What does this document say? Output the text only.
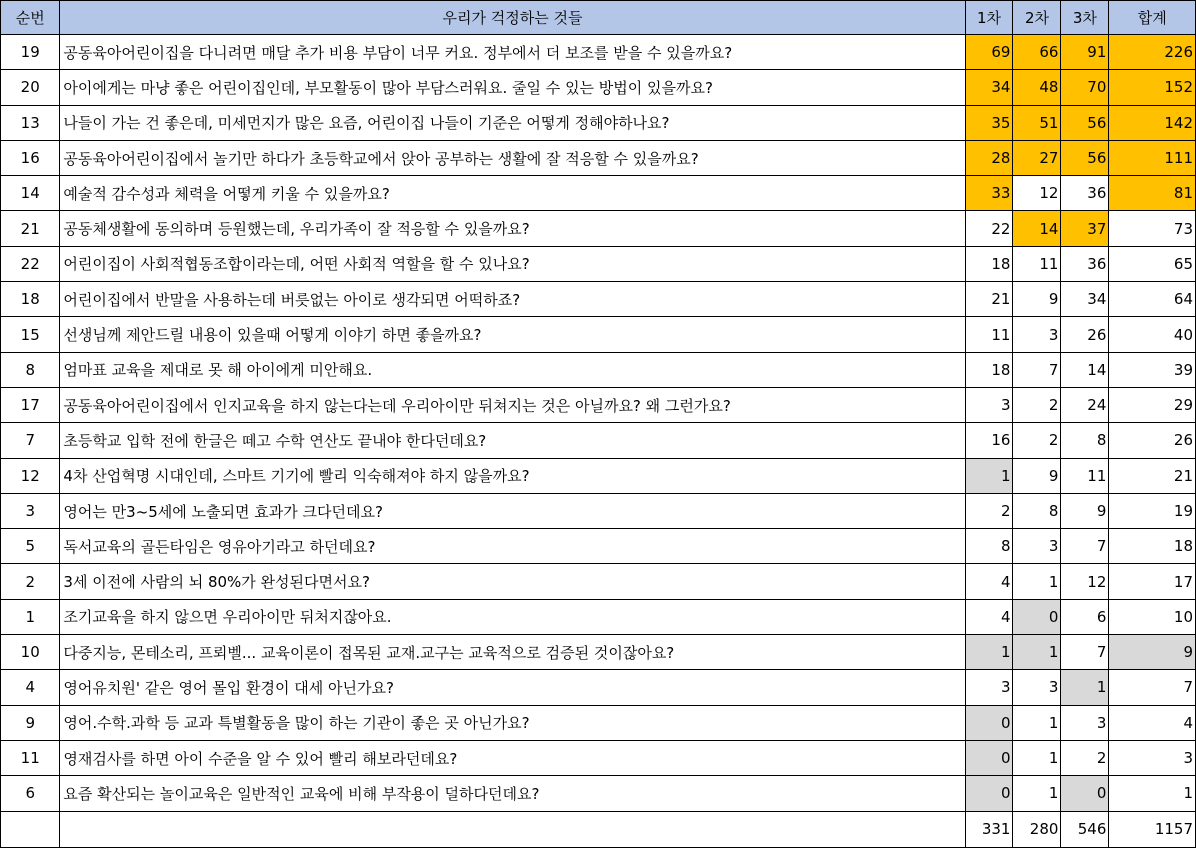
순번	우리가 걱정하는 것들	1차	2차	3차	합계
19	공동육아어린이집을 다니려면 매달 추가 비용 부담이 너무 커요. 정부에서 더 보조를 받을 수 있을까요?	69	66	91	226
20	아이에게는 마냥 좋은 어린이집인데, 부모활동이 많아 부담스러워요. 줄일 수 있는 방법이 있을까요?	34	48	70	152
13	나들이 가는 건 좋은데, 미세먼지가 많은 요즘, 어린이집 나들이 기준은 어떻게 정해야하나요?	35	51	56	142
16	공동육아어린이집에서 놀기만 하다가 초등학교에서 앉아 공부하는 생활에 잘 적응할 수 있을까요?	28	27	56	111
14	예술적 감수성과 체력을 어떻게 키울 수 있을까요?	33	12	36	81
21	공동체생활에 동의하며 등원했는데, 우리가족이 잘 적응할 수 있을까요?	22	14	37	73
22	어린이집이 사회적협동조합이라는데, 어떤 사회적 역할을 할 수 있나요?	18	11	36	65
18	어린이집에서 반말을 사용하는데 버릇없는 아이로 생각되면 어떡하죠?	21	9	34	64
15	선생님께 제안드릴 내용이 있을때 어떻게 이야기 하면 좋을까요?	11	3	26	40
8	엄마표 교육을 제대로 못 해 아이에게 미안해요.	18	7	14	39
17	공동육아어린이집에서 인지교육을 하지 않는다는데 우리아이만 뒤쳐지는 것은 아닐까요? 왜 그런가요?	3	2	24	29
7	초등학교 입학 전에 한글은 떼고 수학 연산도 끝내야 한다던데요?	16	2	8	26
12	4차 산업혁명 시대인데, 스마트 기기에 빨리 익숙해져야 하지 않을까요?	1	9	11	21
3	영어는 만3~5세에 노출되면 효과가 크다던데요?	2	8	9	19
5	독서교육의 골든타임은 영유아기라고 하던데요?	8	3	7	18
2	3세 이전에 사람의 뇌 80%가 완성된다면서요?	4	1	12	17
1	조기교육을 하지 않으면 우리아이만 뒤처지잖아요.	4	0	6	10
10	다중지능, 몬테소리, 프뢰벨... 교육이론이 접목된 교재.교구는 교육적으로 검증된 것이잖아요?	1	1	7	9
4	영어유치원' 같은 영어 몰입 환경이 대세 아닌가요?	3	3	1	7
9	영어.수학.과학 등 교과 특별활동을 많이 하는 기관이 좋은 곳 아닌가요?	0	1	3	4
11	영재검사를 하면 아이 수준을 알 수 있어 빨리 해보라던데요?	0	1	2	3
6	요즘 확산되는 놀이교육은 일반적인 교육에 비해 부작용이 덜하다던데요?	0	1	0	1
		331	280	546	1157
